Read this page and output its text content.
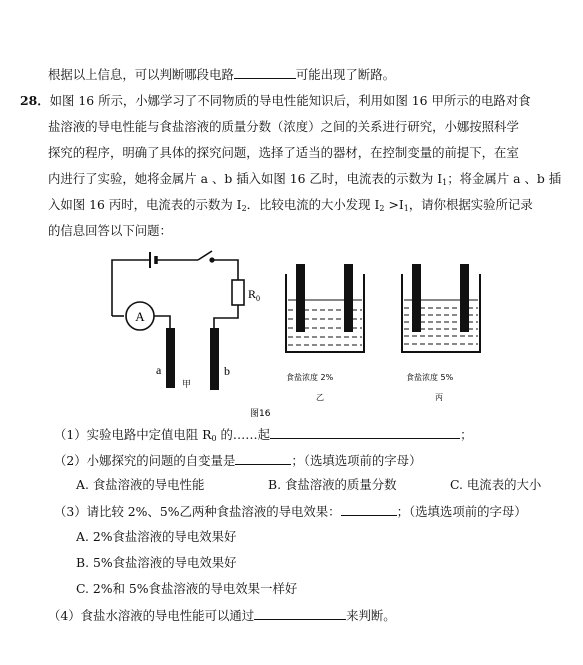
根据以上信息，可以判断哪段电路	可能出现了断路。
28．如图 16 所示，小娜学习了不同物质的导电性能知识后，利用如图 16 甲所示的电路对食
盐溶液的导电性能与食盐溶液的质量分数（浓度）之间的关系进行研究，小娜按照科学
探究的程序，明确了具体的探究问题，选择了适当的器材，在控制变量的前提下，在室
内进行了实验，她将金属片 a 、b 插入如图 16 乙时，电流表的示数为 $I_1$；将金属片 a 、b 插
入如图 16 丙时，电流表的示数为 $I_2$．比较电流的大小发现 $I_2 >I_1$，请你根据实验所记录
的信息回答以下问题：
A
$R_0$
a	b
甲
食盐浓度 2%
乙
食盐浓度 5%
丙
图16
（1）实验电路中定值电阻 $R_0$ 的……起	；
（2）小娜探究的问题的自变量是	；（选填选项前的字母）
A. 食盐溶液的导电性能	B. 食盐溶液的质量分数	C. 电流表的大小
（3）请比较 2%、5%乙两种食盐溶液的导电效果：	；（选填选项前的字母）
A. 2%食盐溶液的导电效果好
B. 5%食盐溶液的导电效果好
C. 2%和 5%食盐溶液的导电效果一样好
（4）食盐水溶液的导电性能可以通过	来判断。
